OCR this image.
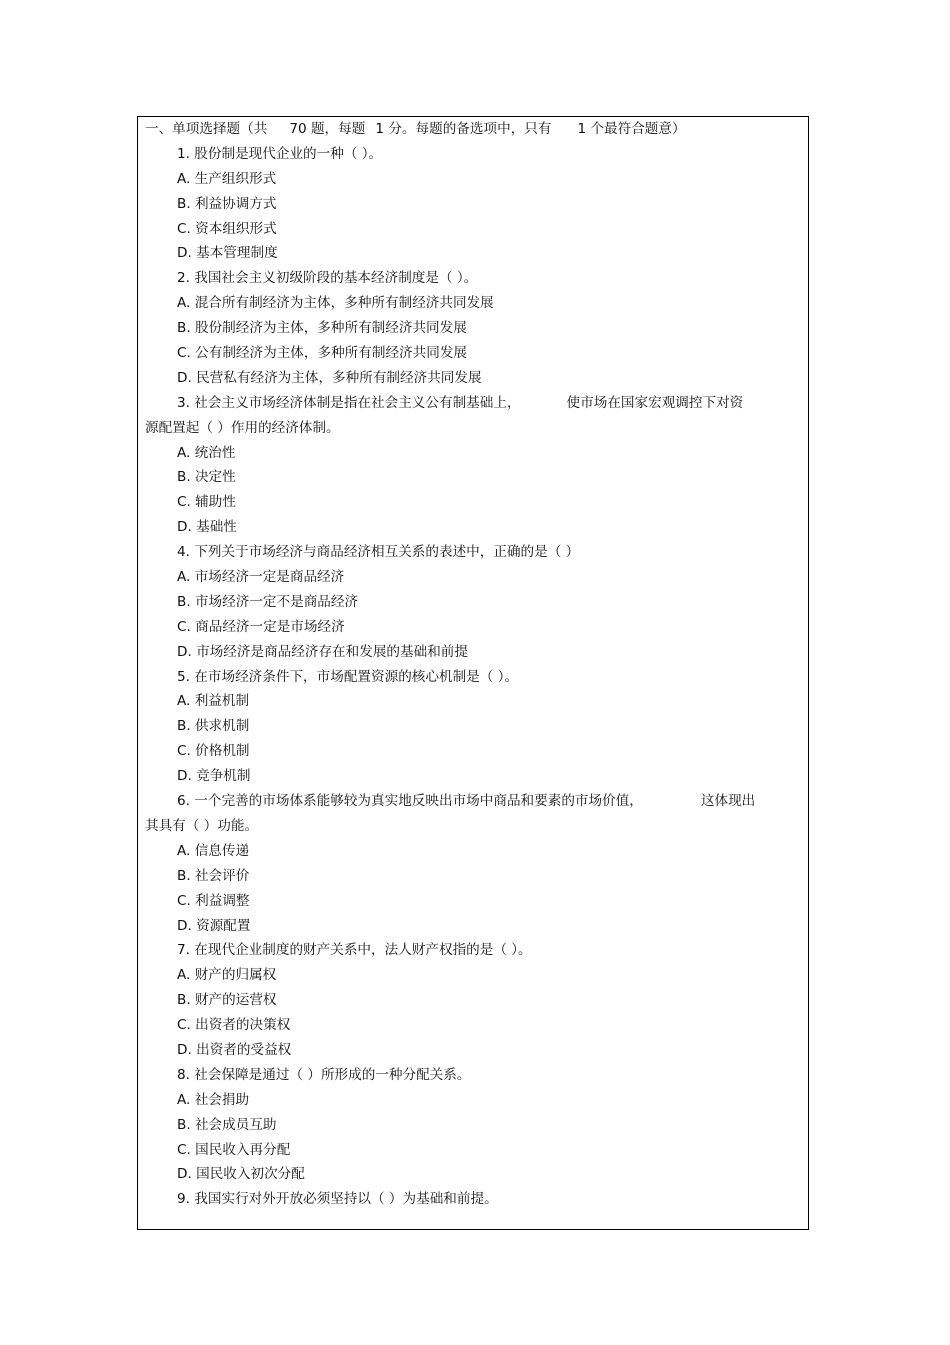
一、单项选择题（共 70 题，每题 1 分。每题的备选项中，只有 1 个最符合题意）
1. 股份制是现代企业的一种（ ）。
A. 生产组织形式
B. 利益协调方式
C. 资本组织形式
D. 基本管理制度
2. 我国社会主义初级阶段的基本经济制度是（ ）。
A. 混合所有制经济为主体，多种所有制经济共同发展
B. 股份制经济为主体，多种所有制经济共同发展
C. 公有制经济为主体，多种所有制经济共同发展
D. 民营私有经济为主体，多种所有制经济共同发展
3. 社会主义市场经济体制是指在社会主义公有制基础上，	使市场在国家宏观调控下对资
源配置起（ ）作用的经济体制。
A. 统治性
B. 决定性
C. 辅助性
D. 基础性
4. 下列关于市场经济与商品经济相互关系的表述中，正确的是（ ）
A. 市场经济一定是商品经济
B. 市场经济一定不是商品经济
C. 商品经济一定是市场经济
D. 市场经济是商品经济存在和发展的基础和前提
5. 在市场经济条件下，市场配置资源的核心机制是（ ）。
A. 利益机制
B. 供求机制
C. 价格机制
D. 竞争机制
6. 一个完善的市场体系能够较为真实地反映出市场中商品和要素的市场价值，	这体现出
其具有（ ）功能。
A. 信息传递
B. 社会评价
C. 利益调整
D. 资源配置
7. 在现代企业制度的财产关系中，法人财产权指的是（ ）。
A. 财产的归属权
B. 财产的运营权
C. 出资者的决策权
D. 出资者的受益权
8. 社会保障是通过（ ）所形成的一种分配关系。
A. 社会捐助
B. 社会成员互助
C. 国民收入再分配
D. 国民收入初次分配
9. 我国实行对外开放必须坚持以（ ）为基础和前提。
